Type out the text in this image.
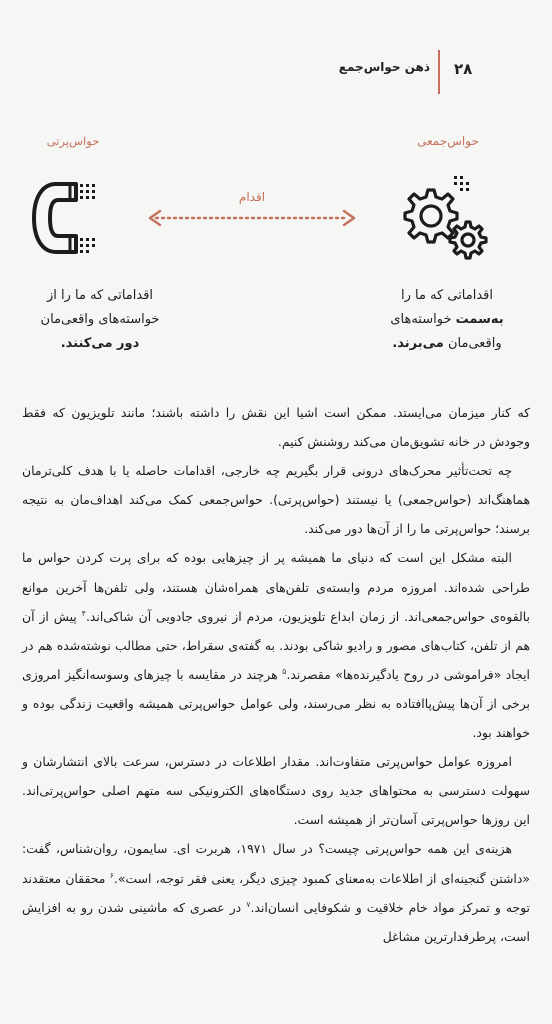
۲۸
ذهن حواس‌جمع
حواس‌پرتی	حواس‌جمعی
اقدام
اقداماتی که ما را از
خواسته‌های واقعی‌مان
دور می‌کنند.
اقداماتی که ما را
به‌سمت خواسته‌های
واقعی‌مان می‌برند.

که کنار میزمان می‌ایستد. ممکن است اشیا این نقش را داشته باشند؛ مانند تلویزیون که فقط وجودش در خانه تشویق‌مان می‌کند روشنش کنیم.

چه تحت‌تأثیر محرک‌های درونی قرار بگیریم چه خارجی، اقدامات حاصله یا با هدف کلی‌ترمان هماهنگ‌اند (حواس‌جمعی) یا نیستند (حواس‌پرتی). حواس‌جمعی کمک می‌کند اهداف‌مان به نتیجه برسند؛ حواس‌پرتی ما را از آن‌ها دور می‌کند.

البته مشکل این است که دنیای ما همیشه پر از چیزهایی بوده که برای پرت کردن حواس ما طراحی شده‌اند. امروزه مردم وابسته‌ی تلفن‌های همراه‌شان هستند، ولی تلفن‌ها آخرین موانع بالقوه‌ی حواس‌جمعی‌اند. از زمان ابداع تلویزیون، مردم از نیروی جادویی آن شاکی‌اند.$^۴$ پیش از آن هم از تلفن، کتاب‌های مصور و رادیو شاکی بودند. به گفته‌ی سقراط، حتی مطالب نوشته‌شده هم در ایجاد «فراموشی در روح یادگیرنده‌ها» مقصرند.$^۵$ هرچند در مقایسه با چیزهای وسوسه‌انگیز امروزی برخی از آن‌ها پیش‌پاافتاده به نظر می‌رسند، ولی عوامل حواس‌پرتی همیشه واقعیت زندگی بوده و خواهند بود.

امروزه عوامل حواس‌پرتی متفاوت‌اند. مقدار اطلاعات در دسترس، سرعت بالای انتشارشان و سهولت دسترسی به محتواهای جدید روی دستگاه‌های الکترونیکی سه متهم اصلی حواس‌پرتی‌اند. این روزها حواس‌پرتی آسان‌تر از همیشه است.

هزینه‌ی این همه حواس‌پرتی چیست؟ در سال ۱۹۷۱، هربرت ای. سایمون، روان‌شناس، گفت: «داشتن گنجینه‌ای از اطلاعات به‌معنای کمبود چیزی دیگر، یعنی فقر توجه، است».$^۶$ محققان معتقدند توجه و تمرکز مواد خام خلاقیت و شکوفایی انسان‌اند.$^۷$ در عصری که ماشینی شدن رو به افزایش است، پرطرفدارترین مشاغل
